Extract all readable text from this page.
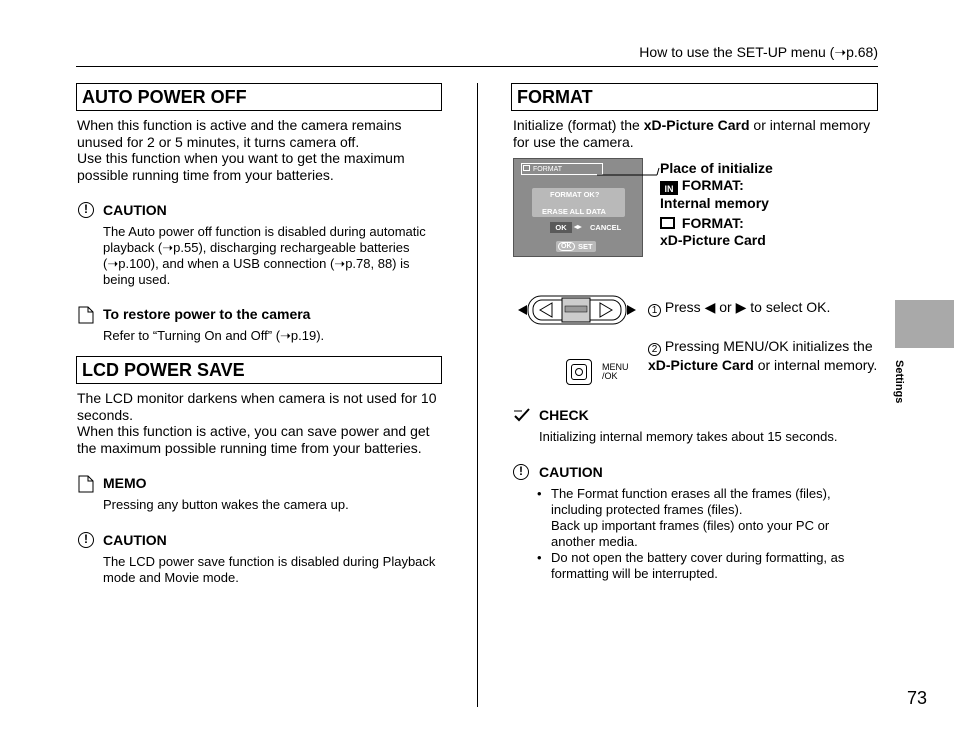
How to use the SET-UP menu (➝p.68)
AUTO POWER OFF
When this function is active and the camera remains unused for 2 or 5 minutes, it turns camera off.
Use this function when you want to get the maximum possible running time from your batteries.
!	CAUTION
The Auto power off function is disabled during automatic playback (➝p.55), discharging rechargeable batteries (➝p.100), and when a USB connection (➝p.78, 88) is being used.
To restore power to the camera
Refer to “Turning On and Off” (➝p.19).
LCD POWER SAVE
The LCD monitor darkens when camera is not used for 10 seconds.
When this function is active, you can save power and get the maximum possible running time from your batteries.
MEMO
Pressing any button wakes the camera up.
!	CAUTION
The LCD power save function is disabled during Playback mode and Movie mode.
FORMAT
Initialize (format) the xD-Picture Card or internal memory for use the camera.
FORMAT
FORMAT OK?
ERASE ALL DATA
OK ◂▸ CANCEL
OK SET
Place of initialize
IN FORMAT:
Internal memory
FORMAT:
xD-Picture Card
1 Press ◀ or ▶ to select OK.
MENU
/OK
2 Pressing MENU/OK initializes the xD-Picture Card or internal memory.
CHECK
Initializing internal memory takes about 15 seconds.
!	CAUTION
• The Format function erases all the frames (files), including protected frames (files).
Back up important frames (files) onto your PC or another media.
• Do not open the battery cover during formatting, as formatting will be interrupted.
Settings
73
